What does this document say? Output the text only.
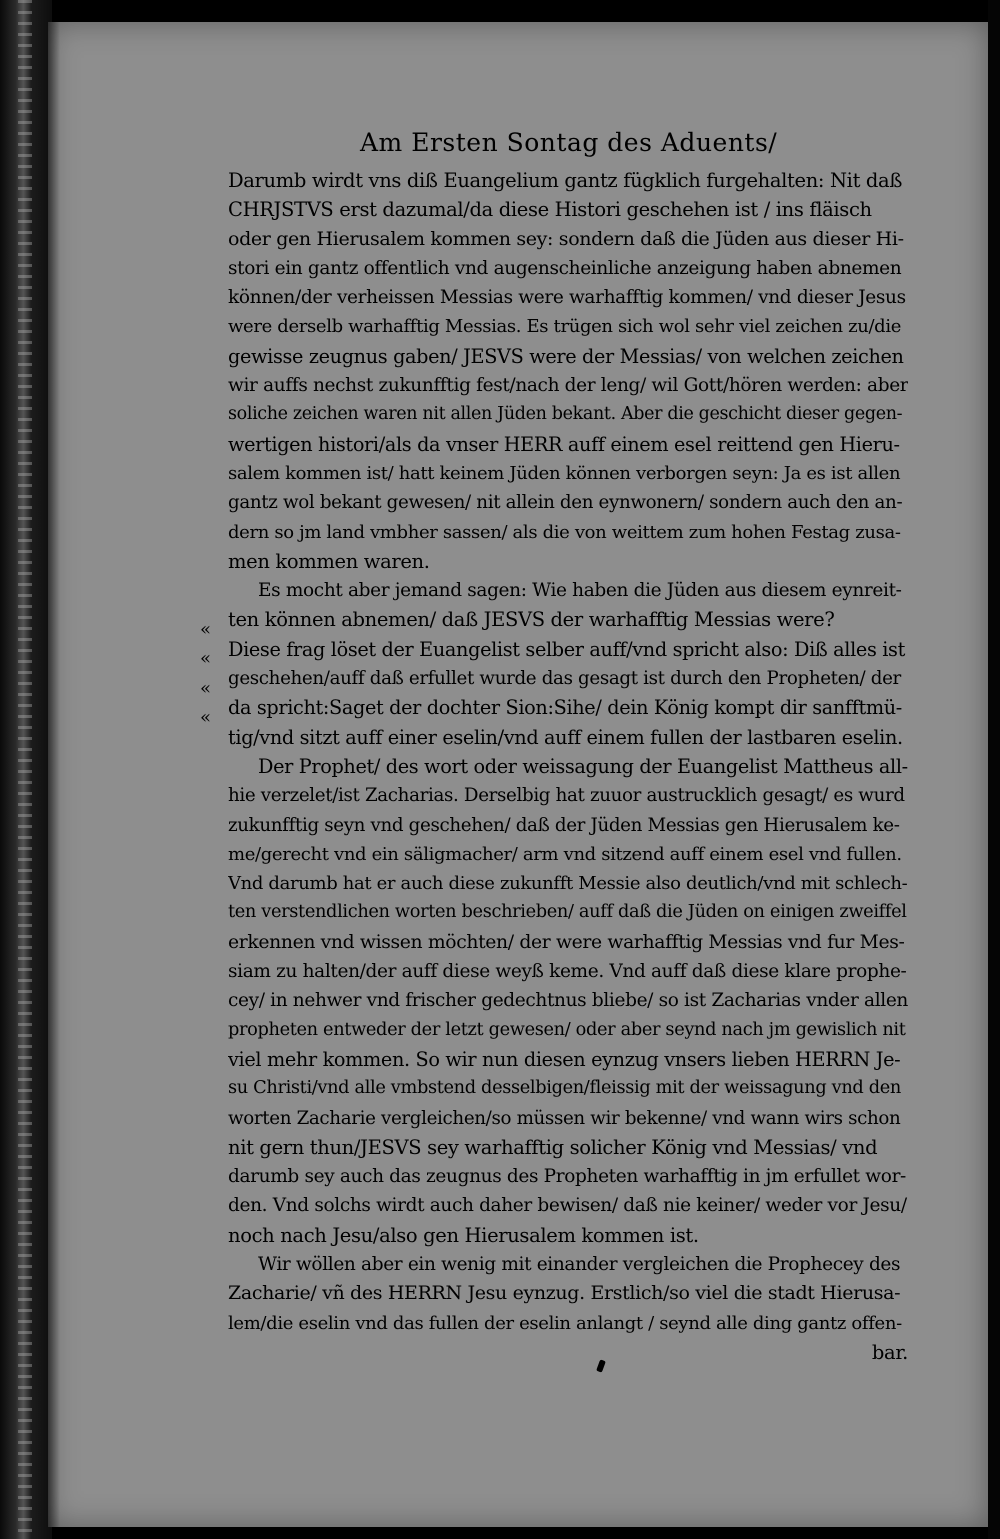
Am Ersten Sontag des Aduents/
«
«
«
«
Darumb wirdt vns diß Euangelium gantz fügklich furgehalten: Nit daß
CHRJSTVS erst dazumal/da diese Histori geschehen ist / ins fläisch
oder gen Hierusalem kommen sey: sondern daß die Jüden aus dieser Hi-
stori ein gantz offentlich vnd augenscheinliche anzeigung haben abnemen
können/der verheissen Messias were warhafftig kommen/ vnd dieser Jesus
were derselb warhafftig Messias. Es trügen sich wol sehr viel zeichen zu/die
gewisse zeugnus gaben/ JESVS were der Messias/ von welchen zeichen
wir auffs nechst zukunfftig fest/nach der leng/ wil Gott/hören werden: aber
soliche zeichen waren nit allen Jüden bekant. Aber die geschicht dieser gegen-
wertigen histori/als da vnser HERR auff einem esel reittend gen Hieru-
salem kommen ist/ hatt keinem Jüden können verborgen seyn: Ja es ist allen
gantz wol bekant gewesen/ nit allein den eynwonern/ sondern auch den an-
dern so jm land vmbher sassen/ als die von weittem zum hohen Festag zusa-
men kommen waren.
Es mocht aber jemand sagen: Wie haben die Jüden aus diesem eynreit-
ten können abnemen/ daß JESVS der warhafftig Messias were?
Diese frag löset der Euangelist selber auff/vnd spricht also: Diß alles ist
geschehen/auff daß erfullet wurde das gesagt ist durch den Propheten/ der
da spricht:Saget der dochter Sion:Sihe/ dein König kompt dir sanfftmü-
tig/vnd sitzt auff einer eselin/vnd auff einem fullen der lastbaren eselin.
Der Prophet/ des wort oder weissagung der Euangelist Mattheus all-
hie verzelet/ist Zacharias. Derselbig hat zuuor austrucklich gesagt/ es wurd
zukunfftig seyn vnd geschehen/ daß der Jüden Messias gen Hierusalem ke-
me/gerecht vnd ein säligmacher/ arm vnd sitzend auff einem esel vnd fullen.
Vnd darumb hat er auch diese zukunfft Messie also deutlich/vnd mit schlech-
ten verstendlichen worten beschrieben/ auff daß die Jüden on einigen zweiffel
erkennen vnd wissen möchten/ der were warhafftig Messias vnd fur Mes-
siam zu halten/der auff diese weyß keme. Vnd auff daß diese klare prophe-
cey/ in nehwer vnd frischer gedechtnus bliebe/ so ist Zacharias vnder allen
propheten entweder der letzt gewesen/ oder aber seynd nach jm gewislich nit
viel mehr kommen. So wir nun diesen eynzug vnsers lieben HERRN Je-
su Christi/vnd alle vmbstend desselbigen/fleissig mit der weissagung vnd den
worten Zacharie vergleichen/so müssen wir bekenne/ vnd wann wirs schon
nit gern thun/JESVS sey warhafftig solicher König vnd Messias/ vnd
darumb sey auch das zeugnus des Propheten warhafftig in jm erfullet wor-
den. Vnd solchs wirdt auch daher bewisen/ daß nie keiner/ weder vor Jesu/
noch nach Jesu/also gen Hierusalem kommen ist.
Wir wöllen aber ein wenig mit einander vergleichen die Prophecey des
Zacharie/ vñ des HERRN Jesu eynzug. Erstlich/so viel die stadt Hierusa-
lem/die eselin vnd das fullen der eselin anlangt / seynd alle ding gantz offen-
bar.
